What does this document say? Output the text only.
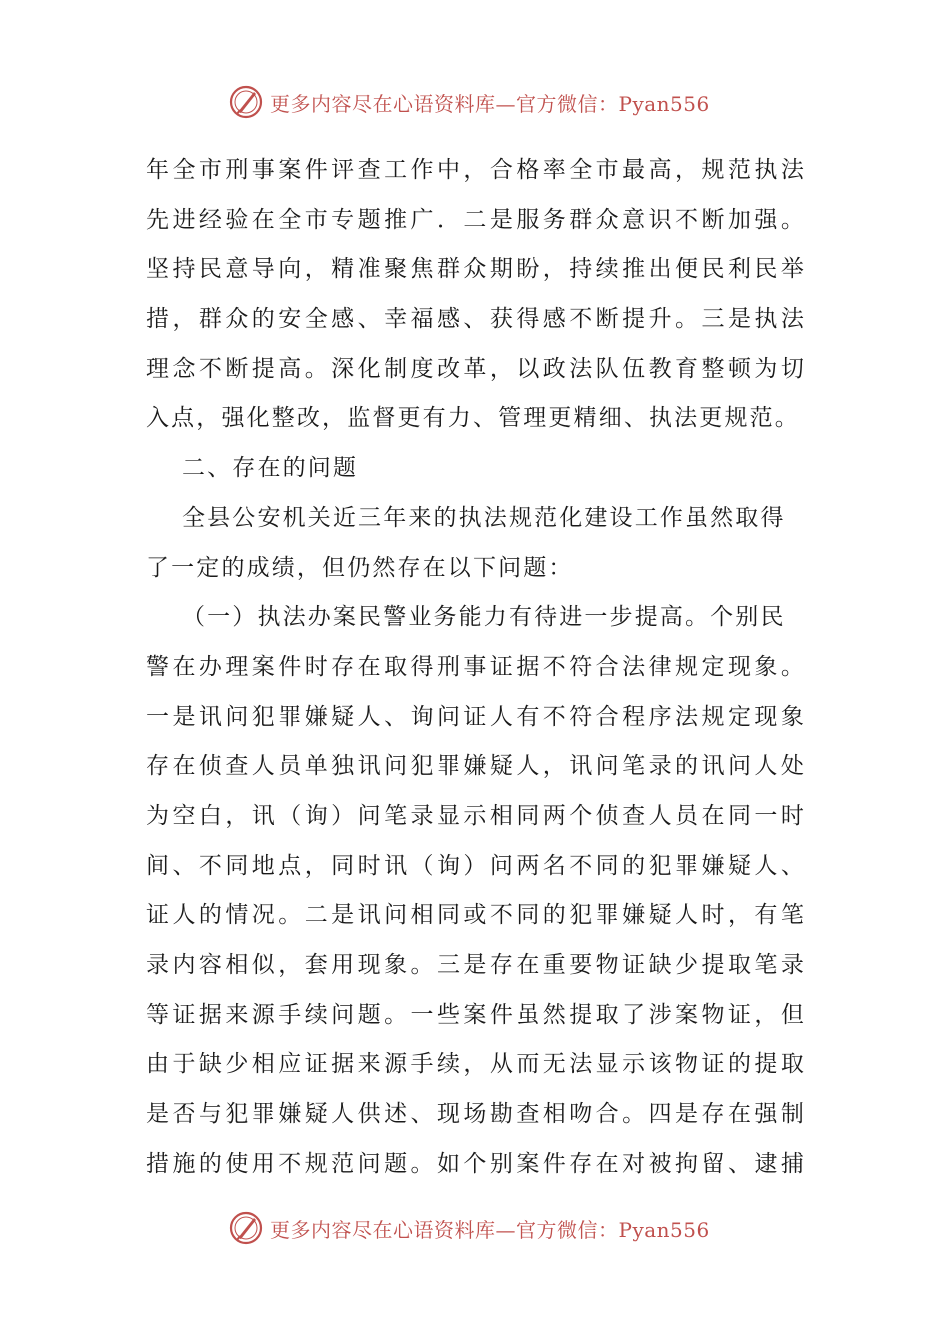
更多内容尽在心语资料库—官方微信：Pyan556
年全市刑事案件评查工作中，合格率全市最高，规范执法
先进经验在全市专题推广．二是服务群众意识不断加强。
坚持民意导向，精准聚焦群众期盼，持续推出便民利民举
措，群众的安全感、幸福感、获得感不断提升。三是执法
理念不断提高。深化制度改革，以政法队伍教育整顿为切
入点，强化整改，监督更有力、管理更精细、执法更规范。
二、存在的问题
全县公安机关近三年来的执法规范化建设工作虽然取得
了一定的成绩，但仍然存在以下问题：
（一）执法办案民警业务能力有待进一步提高。个别民
警在办理案件时存在取得刑事证据不符合法律规定现象。
一是讯问犯罪嫌疑人、询问证人有不符合程序法规定现象
存在侦查人员单独讯问犯罪嫌疑人，讯问笔录的讯问人处
为空白，讯（询）问笔录显示相同两个侦查人员在同一时
间、不同地点，同时讯（询）问两名不同的犯罪嫌疑人、
证人的情况。二是讯问相同或不同的犯罪嫌疑人时，有笔
录内容相似，套用现象。三是存在重要物证缺少提取笔录
等证据来源手续问题。一些案件虽然提取了涉案物证，但
由于缺少相应证据来源手续，从而无法显示该物证的提取
是否与犯罪嫌疑人供述、现场勘查相吻合。四是存在强制
措施的使用不规范问题。如个别案件存在对被拘留、逮捕
更多内容尽在心语资料库—官方微信：Pyan556
